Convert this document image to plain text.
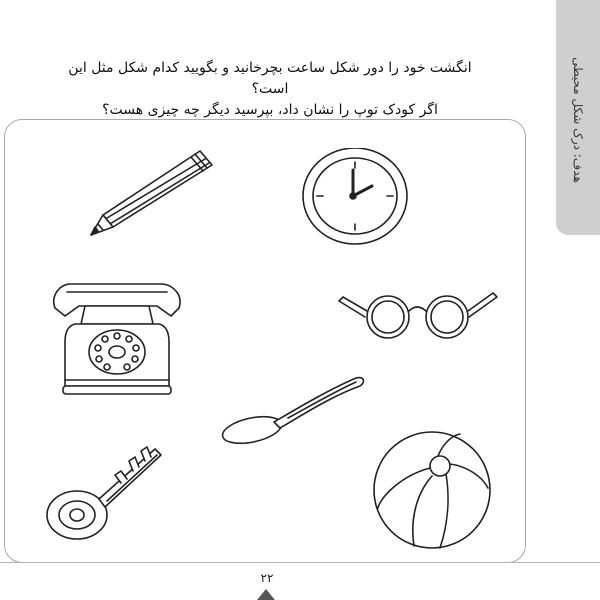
هدف: درک شکل محیطی

انگشت خود را دور شکل ساعت بچرخانید و بگویید کدام شکل مثل این است؟

اگر کودک توپ را نشان داد، بپرسید دیگر چه چیزی هست؟

۲۲
